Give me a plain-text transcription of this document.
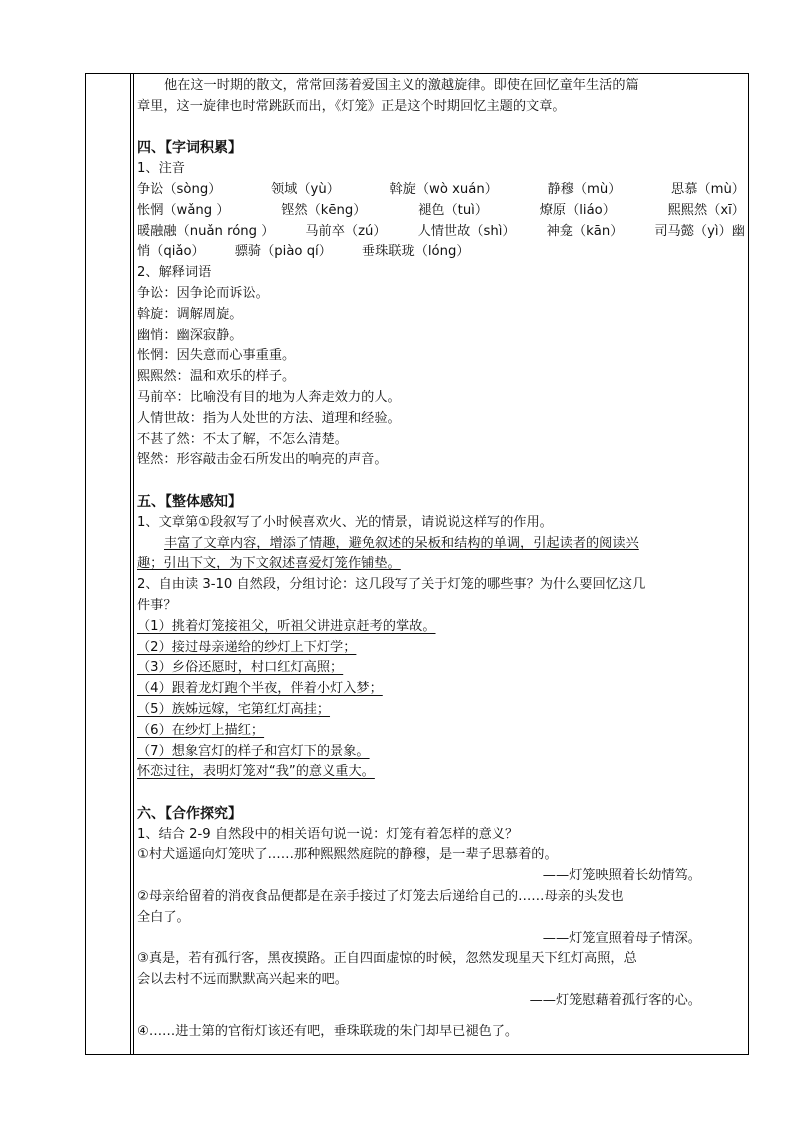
他在这一时期的散文，常常回荡着爱国主义的激越旋律。即使在回忆童年生活的篇

章里，这一旋律也时常跳跃而出，《灯笼》正是这个时期回忆主题的文章。

四、【字词积累】

1、注音

争讼（sòng）	领域（yù）	斡旋（wò xuán）	静穆（mù）	思慕（mù）
怅惘（wǎng ）	铿然（kēng）	褪色（tuì）	燎原（liáo）	熙熙然（xī）
暖融融（nuǎn róng ） 马前卒（zú） 人情世故（shì） 神龛（kān） 司马懿（yì）幽
悄（qiǎo） 骠骑（piào qí） 垂珠联珑（lóng）

2、解释词语

争讼：因争论而诉讼。

斡旋：调解周旋。

幽悄：幽深寂静。

怅惘：因失意而心事重重。

熙熙然：温和欢乐的样子。

马前卒：比喻没有目的地为人奔走效力的人。

人情世故：指为人处世的方法、道理和经验。

不甚了然：不太了解，不怎么清楚。

铿然：形容敲击金石所发出的响亮的声音。

五、【整体感知】

1、文章第①段叙写了小时候喜欢火、光的情景，请说说这样写的作用。

丰富了文章内容，增添了情趣，避免叙述的呆板和结构的单调，引起读者的阅读兴

趣；引出下文，为下文叙述喜爱灯笼作铺垫。

2、自由读 3-10 自然段，分组讨论：这几段写了关于灯笼的哪些事？为什么要回忆这几

件事？

（1）挑着灯笼接祖父，听祖父讲进京赶考的掌故。

（2）接过母亲递给的纱灯上下灯学；

（3）乡俗还愿时，村口红灯高照；

（4）跟着龙灯跑个半夜，伴着小灯入梦；

（5）族姊远嫁，宅第红灯高挂；

（6）在纱灯上描红；

（7）想象宫灯的样子和宫灯下的景象。

怀恋过往，表明灯笼对“我”的意义重大。

六、【合作探究】

1、结合 2-9 自然段中的相关语句说一说：灯笼有着怎样的意义？

①村犬遥遥向灯笼吠了……那种熙熙然庭院的静穆，是一辈子思慕着的。

——灯笼映照着长幼情笃。

②母亲给留着的消夜食品便都是在亲手接过了灯笼去后递给自己的……母亲的头发也

全白了。

——灯笼宣照着母子情深。

③真是，若有孤行客，黑夜摸路。正自四面虚惊的时候，忽然发现星天下红灯高照，总

会以去村不远而默默高兴起来的吧。

——灯笼慰藉着孤行客的心。

④……进士第的官衔灯该还有吧，垂珠联珑的朱门却早已褪色了。
